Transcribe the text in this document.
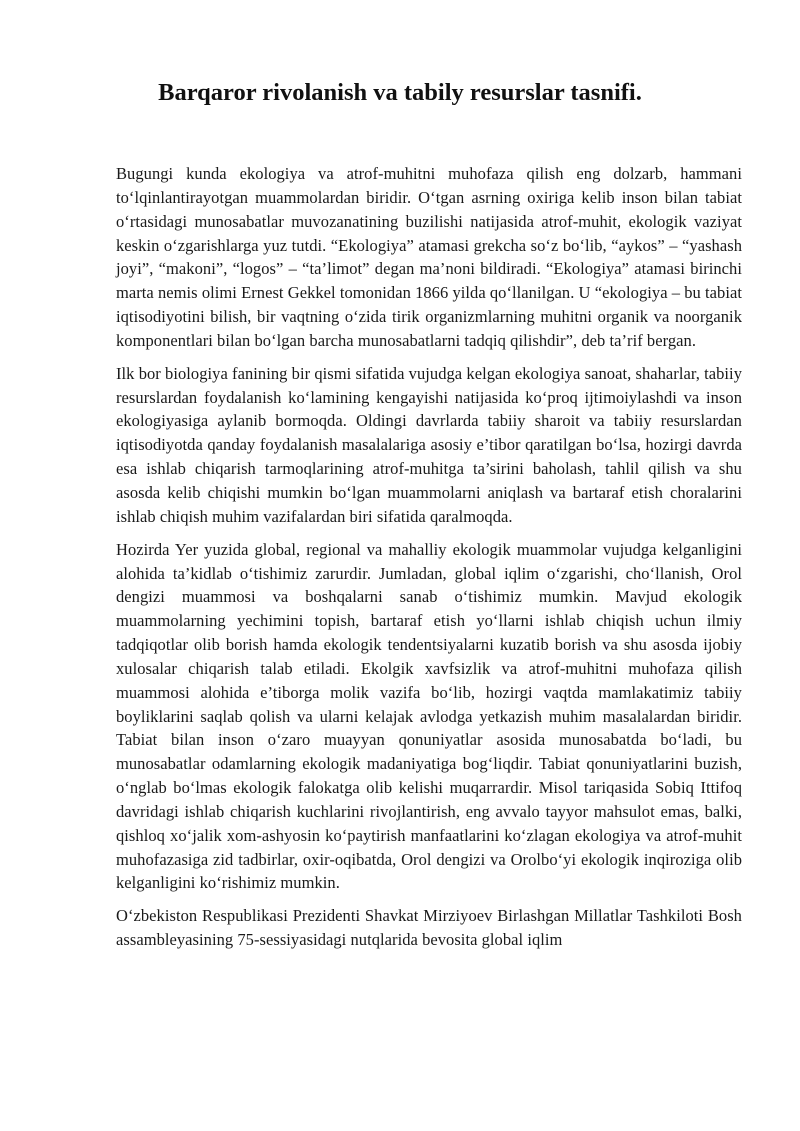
Barqaror rivolanish va tabily resurslar tasnifi.

Bugungi kunda ekologiya va atrof-muhitni muhofaza qilish eng dolzarb, hammani to‘lqinlantirayotgan muammolardan biridir. O‘tgan asrning oxiriga kelib inson bilan tabiat o‘rtasidagi munosabatlar muvozanatining buzilishi natijasida atrof-muhit, ekologik vaziyat keskin o‘zgarishlarga yuz tutdi. “Ekologiya” atamasi grekcha so‘z bo‘lib, “aykos” – “yashash joyi”, “makoni”, “logos” – “ta’limot” degan ma’noni bildiradi. “Ekologiya” atamasi birinchi marta nemis olimi Ernest Gekkel tomonidan 1866 yilda qo‘llanilgan. U “ekologiya – bu tabiat iqtisodiyotini bilish, bir vaqtning o‘zida tirik organizmlarning muhitni organik va noorganik komponentlari bilan bo‘lgan barcha munosabatlarni tadqiq qilishdir”, deb ta’rif bergan.

Ilk bor biologiya fanining bir qismi sifatida vujudga kelgan ekologiya sanoat, shaharlar, tabiiy resurslardan foydalanish ko‘lamining kengayishi natijasida ko‘proq ijtimoiylashdi va inson ekologiyasiga aylanib bormoqda. Oldingi davrlarda tabiiy sharoit va tabiiy resurslardan iqtisodiyotda qanday foydalanish masalalariga asosiy e’tibor qaratilgan bo‘lsa, hozirgi davrda esa ishlab chiqarish tarmoqlarining atrof-muhitga ta’sirini baholash, tahlil qilish va shu asosda kelib chiqishi mumkin bo‘lgan muammolarni aniqlash va bartaraf etish choralarini ishlab chiqish muhim vazifalardan biri sifatida qaralmoqda.

Hozirda Yer yuzida global, regional va mahalliy ekologik muammolar vujudga kelganligini alohida ta’kidlab o‘tishimiz zarurdir. Jumladan, global iqlim o‘zgarishi, cho‘llanish, Orol dengizi muammosi va boshqalarni sanab o‘tishimiz mumkin. Mavjud ekologik muammolarning yechimini topish, bartaraf etish yo‘llarni ishlab chiqish uchun ilmiy tadqiqotlar olib borish hamda ekologik tendentsiyalarni kuzatib borish va shu asosda ijobiy xulosalar chiqarish talab etiladi. Ekolgik xavfsizlik va atrof-muhitni muhofaza qilish muammosi alohida e’tiborga molik vazifa bo‘lib, hozirgi vaqtda mamlakatimiz tabiiy boyliklarini saqlab qolish va ularni kelajak avlodga yetkazish muhim masalalardan biridir. Tabiat bilan inson o‘zaro muayyan qonuniyatlar asosida munosabatda bo‘ladi, bu munosabatlar odamlarning ekologik madaniyatiga bog‘liqdir. Tabiat qonuniyatlarini buzish, o‘nglab bo‘lmas ekologik falokatga olib kelishi muqarrardir. Misol tariqasida Sobiq Ittifoq davridagi ishlab chiqarish kuchlarini rivojlantirish, eng avvalo tayyor mahsulot emas, balki, qishloq xo‘jalik xom-ashyosin ko‘paytirish manfaatlarini ko‘zlagan ekologiya va atrof-muhit muhofazasiga zid tadbirlar, oxir-oqibatda, Orol dengizi va Orolbo‘yi ekologik inqiroziga olib kelganligini ko‘rishimiz mumkin.

O‘zbekiston Respublikasi Prezidenti Shavkat Mirziyoev Birlashgan Millatlar Tashkiloti Bosh assambleyasining 75-sessiyasidagi nutqlarida bevosita global iqlim
